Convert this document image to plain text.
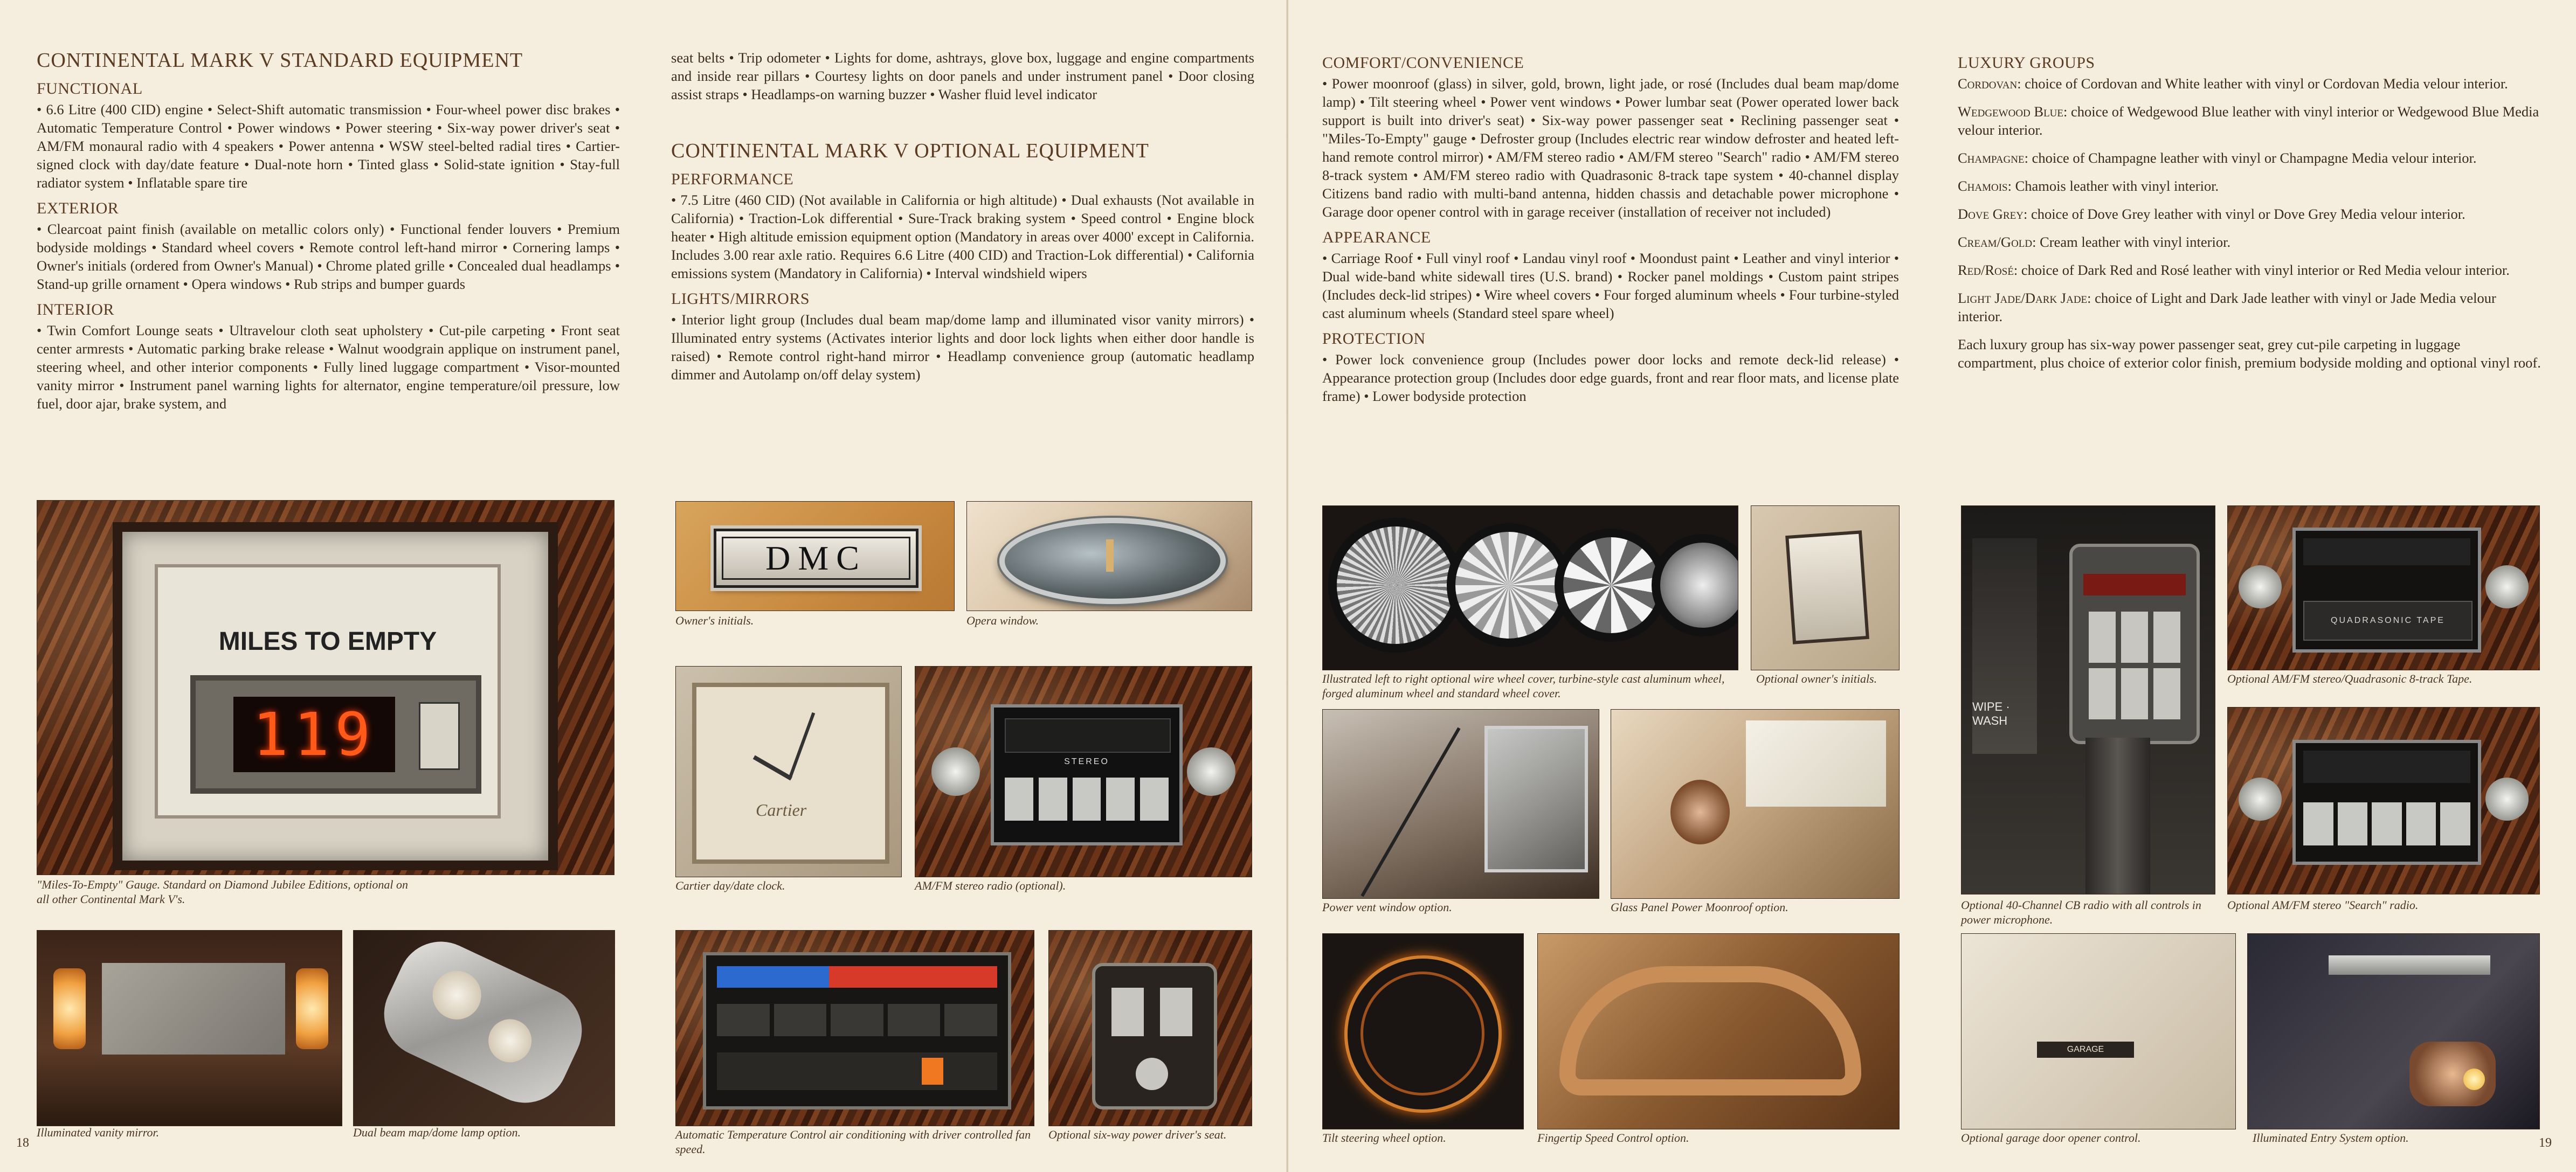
CONTINENTAL MARK V STANDARD EQUIPMENT
FUNCTIONAL

• 6.6 Litre (400 CID) engine • Select-Shift automatic transmission • Four-wheel power disc brakes • Automatic Temperature Control • Power windows • Power steering • Six-way power driver's seat • AM/FM monaural radio with 4 speakers • Power antenna • WSW steel-belted radial tires • Cartier-signed clock with day/date feature • Dual-note horn • Tinted glass • Solid-state ignition • Stay-full radiator system • Inflatable spare tire

EXTERIOR

• Clearcoat paint finish (available on metallic colors only) • Functional fender louvers • Premium bodyside moldings • Standard wheel covers • Remote control left-hand mirror • Cornering lamps • Owner's initials (ordered from Owner's Manual) • Chrome plated grille • Concealed dual headlamps • Stand-up grille ornament • Opera windows • Rub strips and bumper guards

INTERIOR

• Twin Comfort Lounge seats • Ultravelour cloth seat upholstery • Cut-pile carpeting • Front seat center armrests • Automatic parking brake release • Walnut woodgrain applique on instrument panel, steering wheel, and other interior components • Fully lined luggage compartment • Visor-mounted vanity mirror • Instrument panel warning lights for alternator, engine temperature/oil pressure, low fuel, door ajar, brake system, and

seat belts • Trip odometer • Lights for dome, ashtrays, glove box, luggage and engine compartments and inside rear pillars • Courtesy lights on door panels and under instrument panel • Door closing assist straps • Headlamps-on warning buzzer • Washer fluid level indicator

CONTINENTAL MARK V OPTIONAL EQUIPMENT
PERFORMANCE

• 7.5 Litre (460 CID) (Not available in California or high altitude) • Dual exhausts (Not available in California) • Traction-Lok differential • Sure-Track braking system • Speed control • Engine block heater • High altitude emission equipment option (Mandatory in areas over 4000' except in California. Includes 3.00 rear axle ratio. Requires 6.6 Litre (400 CID) and Traction-Lok differential) • California emissions system (Mandatory in California) • Interval windshield wipers

LIGHTS/MIRRORS

• Interior light group (Includes dual beam map/dome lamp and illuminated visor vanity mirrors) • Illuminated entry systems (Activates interior lights and door lock lights when either door handle is raised) • Remote control right-hand mirror • Headlamp convenience group (automatic headlamp dimmer and Autolamp on/off delay system)

MILES TO EMPTY
119
"Miles-To-Empty" Gauge. Standard on Diamond Jubilee Editions, optional on all other Continental Mark V's.
DMC
Owner's initials.	Opera window.
Cartier
Cartier day/date clock.
STEREO
AM/FM stereo radio (optional).
Illuminated vanity mirror.	Dual beam map/dome lamp option.	Automatic Temperature Control air conditioning with driver controlled fan speed.
Optional six-way power driver's seat.
18
COMFORT/CONVENIENCE

• Power moonroof (glass) in silver, gold, brown, light jade, or rosé (Includes dual beam map/dome lamp) • Tilt steering wheel • Power vent windows • Power lumbar seat (Power operated lower back support is built into driver's seat) • Six-way power passenger seat • Reclining passenger seat • "Miles-To-Empty" gauge • Defroster group (Includes electric rear window defroster and heated left-hand remote control mirror) • AM/FM stereo radio • AM/FM stereo "Search" radio • AM/FM stereo 8-track system • AM/FM stereo radio with Quadrasonic 8-track tape system • 40-channel display Citizens band radio with multi-band antenna, hidden chassis and detachable power microphone • Garage door opener control with in garage receiver (installation of receiver not included)

APPEARANCE

• Carriage Roof • Full vinyl roof • Landau vinyl roof • Moondust paint • Leather and vinyl interior • Dual wide-band white sidewall tires (U.S. brand) • Rocker panel moldings • Custom paint stripes (Includes deck-lid stripes) • Wire wheel covers • Four forged aluminum wheels • Four turbine-styled cast aluminum wheels (Standard steel spare wheel)

PROTECTION

• Power lock convenience group (Includes power door locks and remote deck-lid release) • Appearance protection group (Includes door edge guards, front and rear floor mats, and license plate frame) • Lower bodyside protection

LUXURY GROUPS

Cordovan: choice of Cordovan and White leather with vinyl or Cordovan Media velour interior.

Wedgewood Blue: choice of Wedgewood Blue leather with vinyl interior or Wedgewood Blue Media velour interior.

Champagne: choice of Champagne leather with vinyl or Champagne Media velour interior.

Chamois: Chamois leather with vinyl interior.

Dove Grey: choice of Dove Grey leather with vinyl or Dove Grey Media velour interior.

Cream/Gold: Cream leather with vinyl interior.

Red/Rosé: choice of Dark Red and Rosé leather with vinyl interior or Red Media velour interior.

Light Jade/Dark Jade: choice of Light and Dark Jade leather with vinyl or Jade Media velour interior.

Each luxury group has six-way power passenger seat, grey cut-pile carpeting in luggage compartment, plus choice of exterior color finish, premium bodyside molding and optional vinyl roof.

Illustrated left to right optional wire wheel cover, turbine-style cast aluminum wheel, forged aluminum wheel and standard wheel cover.
Optional owner's initials.
Power vent window option.	Glass Panel Power Moonroof option.
Tilt steering wheel option.	Fingertip Speed Control option.
WIPE · WASH
Optional 40-Channel CB radio with all controls in power microphone.
QUADRASONIC TAPE
Optional AM/FM stereo/Quadrasonic 8-track Tape.
Optional AM/FM stereo "Search" radio.
GARAGE
Optional garage door opener control.	Illuminated Entry System option.	19
